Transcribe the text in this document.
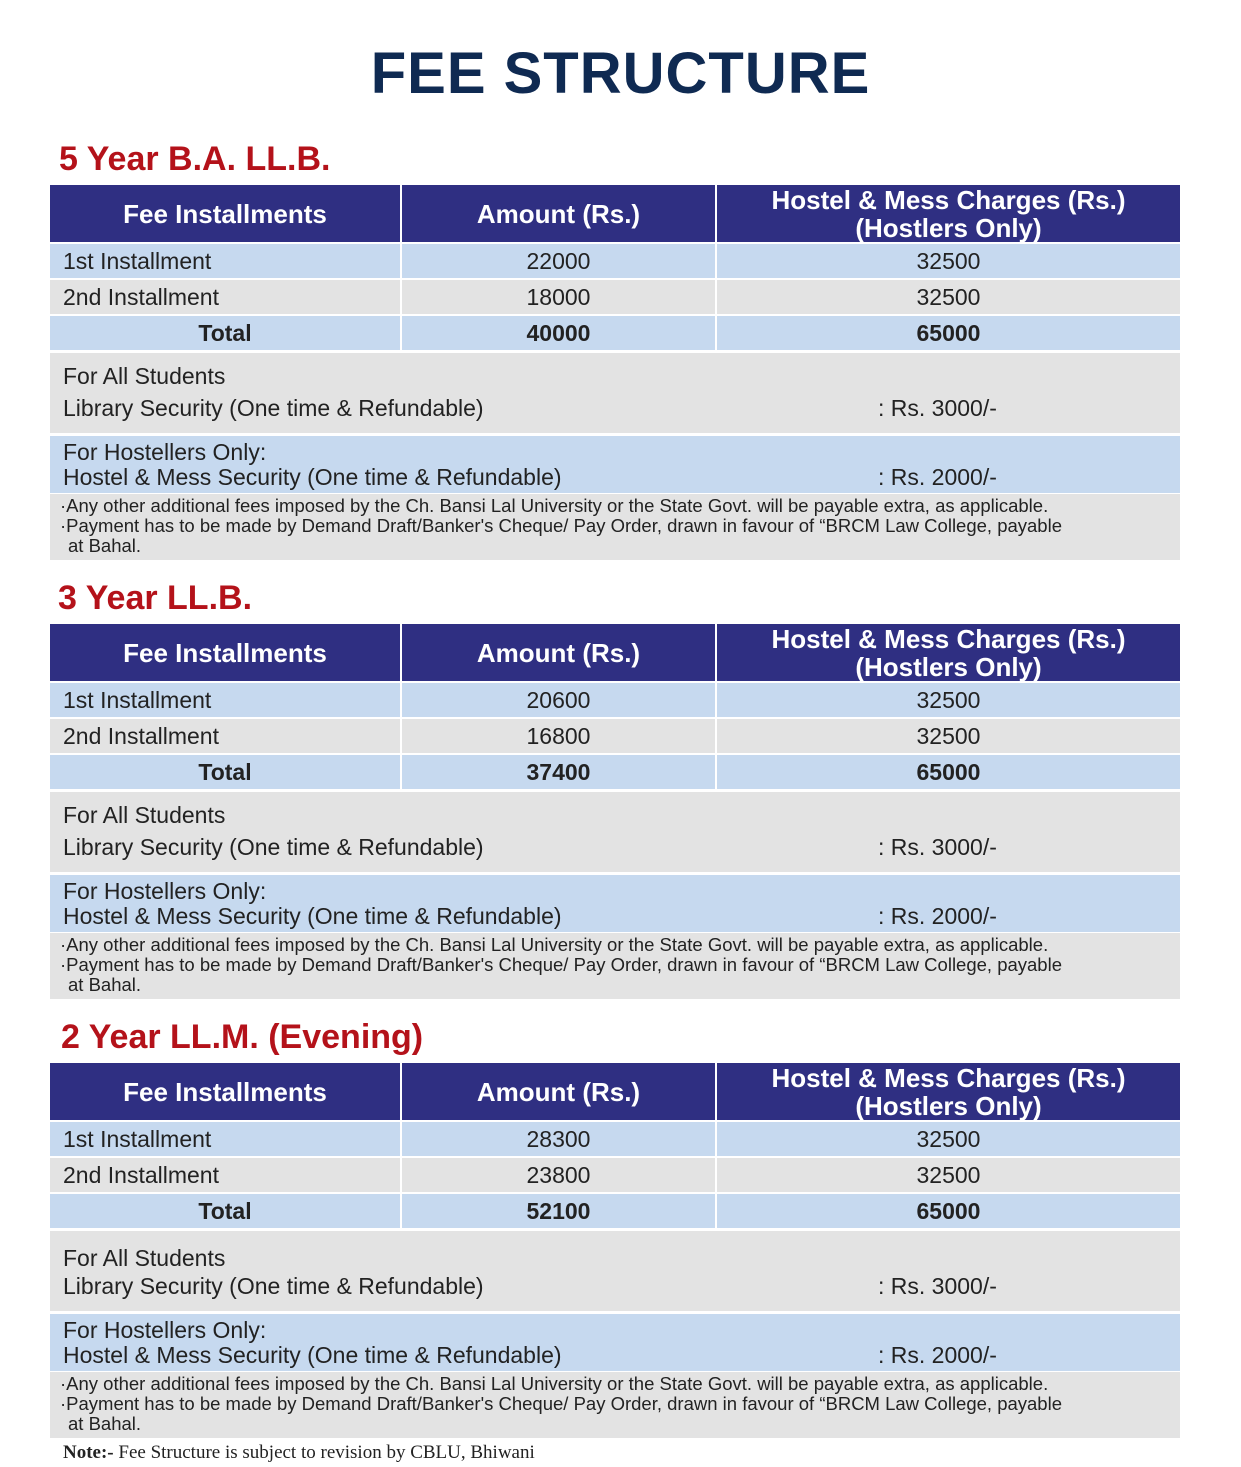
FEE STRUCTURE
5 Year B.A. LL.B.
Fee Installments	Amount (Rs.)	Hostel & Mess Charges (Rs.)
(Hostlers Only)
1st Installment	22000	32500
2nd Installment	18000	32500
Total	40000	65000
For All Students
Library Security (One time & Refundable)	: Rs. 3000/-
For Hostellers Only:
Hostel & Mess Security (One time & Refundable)	: Rs. 2000/-
·Any other additional fees imposed by the Ch. Bansi Lal University or the State Govt. will be payable extra, as applicable.
·Payment has to be made by Demand Draft/Banker's Cheque/ Pay Order, drawn in favour of “BRCM Law College, payable
at Bahal.
3 Year LL.B.
Fee Installments	Amount (Rs.)	Hostel & Mess Charges (Rs.)
(Hostlers Only)
1st Installment	20600	32500
2nd Installment	16800	32500
Total	37400	65000
For All Students
Library Security (One time & Refundable)	: Rs. 3000/-
For Hostellers Only:
Hostel & Mess Security (One time & Refundable)	: Rs. 2000/-
·Any other additional fees imposed by the Ch. Bansi Lal University or the State Govt. will be payable extra, as applicable.
·Payment has to be made by Demand Draft/Banker's Cheque/ Pay Order, drawn in favour of “BRCM Law College, payable
at Bahal.
2 Year LL.M. (Evening)
Fee Installments	Amount (Rs.)	Hostel & Mess Charges (Rs.)
(Hostlers Only)
1st Installment	28300	32500
2nd Installment	23800	32500
Total	52100	65000
For All Students
Library Security (One time & Refundable)	: Rs. 3000/-
For Hostellers Only:
Hostel & Mess Security (One time & Refundable)	: Rs. 2000/-
·Any other additional fees imposed by the Ch. Bansi Lal University or the State Govt. will be payable extra, as applicable.
·Payment has to be made by Demand Draft/Banker's Cheque/ Pay Order, drawn in favour of “BRCM Law College, payable
at Bahal.
Note:- Fee Structure is subject to revision by CBLU, Bhiwani
